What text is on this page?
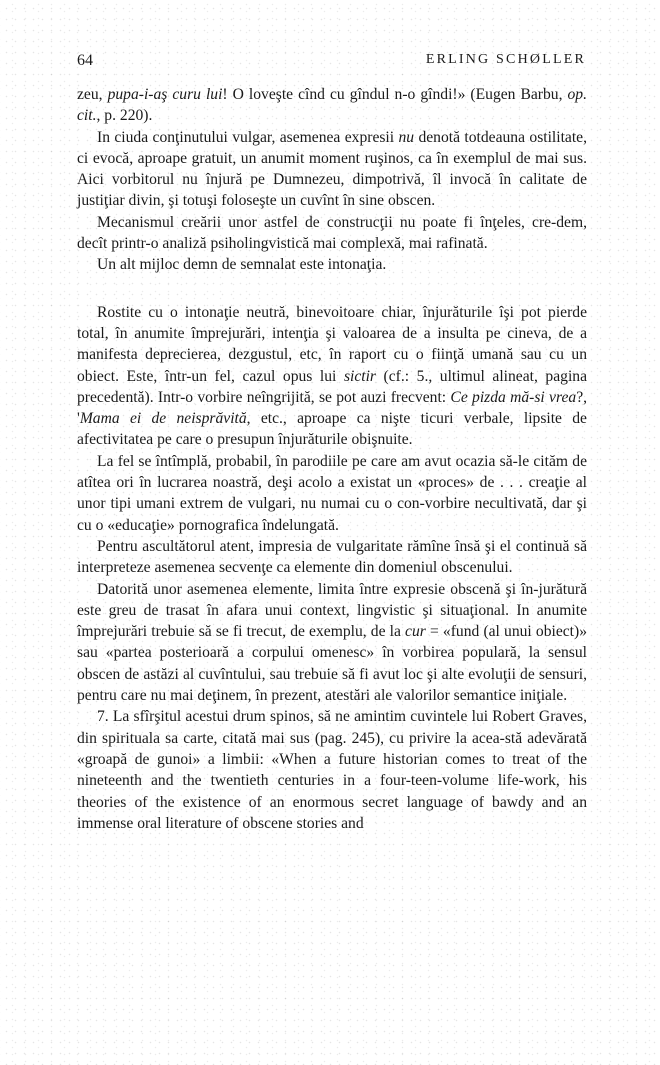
64	ERLING SCHØLLER

zeu, pupa-i-aş curu lui! O loveşte cînd cu gîndul n-o gîndi!» (Eugen Barbu, op. cit., p. 220).

In ciuda conţinutului vulgar, asemenea expresii nu denotă totdeauna ostilitate, ci evocă, aproape gratuit, un anumit moment ruşinos, ca în exemplul de mai sus. Aici vorbitorul nu înjură pe Dumnezeu, dimpotrivă, îl invocă în calitate de justiţiar divin, şi totuşi foloseşte un cuvînt în sine obscen.

Mecanismul creării unor astfel de construcţii nu poate fi înţeles, cre-dem, decît printr-o analiză psiholingvistică mai complexă, mai rafinată.

Un alt mijloc demn de semnalat este intonaţia.

Rostite cu o intonaţie neutră, binevoitoare chiar, înjurăturile îşi pot pierde total, în anumite împrejurări, intenţia şi valoarea de a insulta pe cineva, de a manifesta deprecierea, dezgustul, etc, în raport cu o fiinţă umană sau cu un obiect. Este, într-un fel, cazul opus lui sictir (cf.: 5., ultimul alineat, pagina precedentă). Intr-o vorbire neîngrijită, se pot auzi frecvent: Ce pizda mă-si vrea?, 'Mama ei de neisprăvită, etc., aproape ca nişte ticuri verbale, lipsite de afectivitatea pe care o presupun înjurăturile obişnuite.

La fel se întîmplă, probabil, în parodiile pe care am avut ocazia să-le cităm de atîtea ori în lucrarea noastră, deşi acolo a existat un «proces» de . . . creaţie al unor tipi umani extrem de vulgari, nu numai cu o con-vorbire necultivată, dar şi cu o «educaţie» pornografica îndelungată.

Pentru ascultătorul atent, impresia de vulgaritate rămîne însă şi el continuă să interpreteze asemenea secvenţe ca elemente din domeniul obscenului.

Datorită unor asemenea elemente, limita între expresie obscenă şi în-jurătură este greu de trasat în afara unui context, lingvistic şi situaţional. In anumite împrejurări trebuie să se fi trecut, de exemplu, de la cur = «fund (al unui obiect)» sau «partea posterioară a corpului omenesc» în vorbirea populară, la sensul obscen de astăzi al cuvîntului, sau trebuie să fi avut loc şi alte evoluţii de sensuri, pentru care nu mai deţinem, în prezent, atestări ale valorilor semantice iniţiale.

7. La sfîrşitul acestui drum spinos, să ne amintim cuvintele lui Robert Graves, din spirituala sa carte, citată mai sus (pag. 245), cu privire la acea-stă adevărată «groapă de gunoi» a limbii: «When a future historian comes to treat of the nineteenth and the twentieth centuries in a four-teen-volume life-work, his theories of the existence of an enormous secret language of bawdy and an immense oral literature of obscene stories and
